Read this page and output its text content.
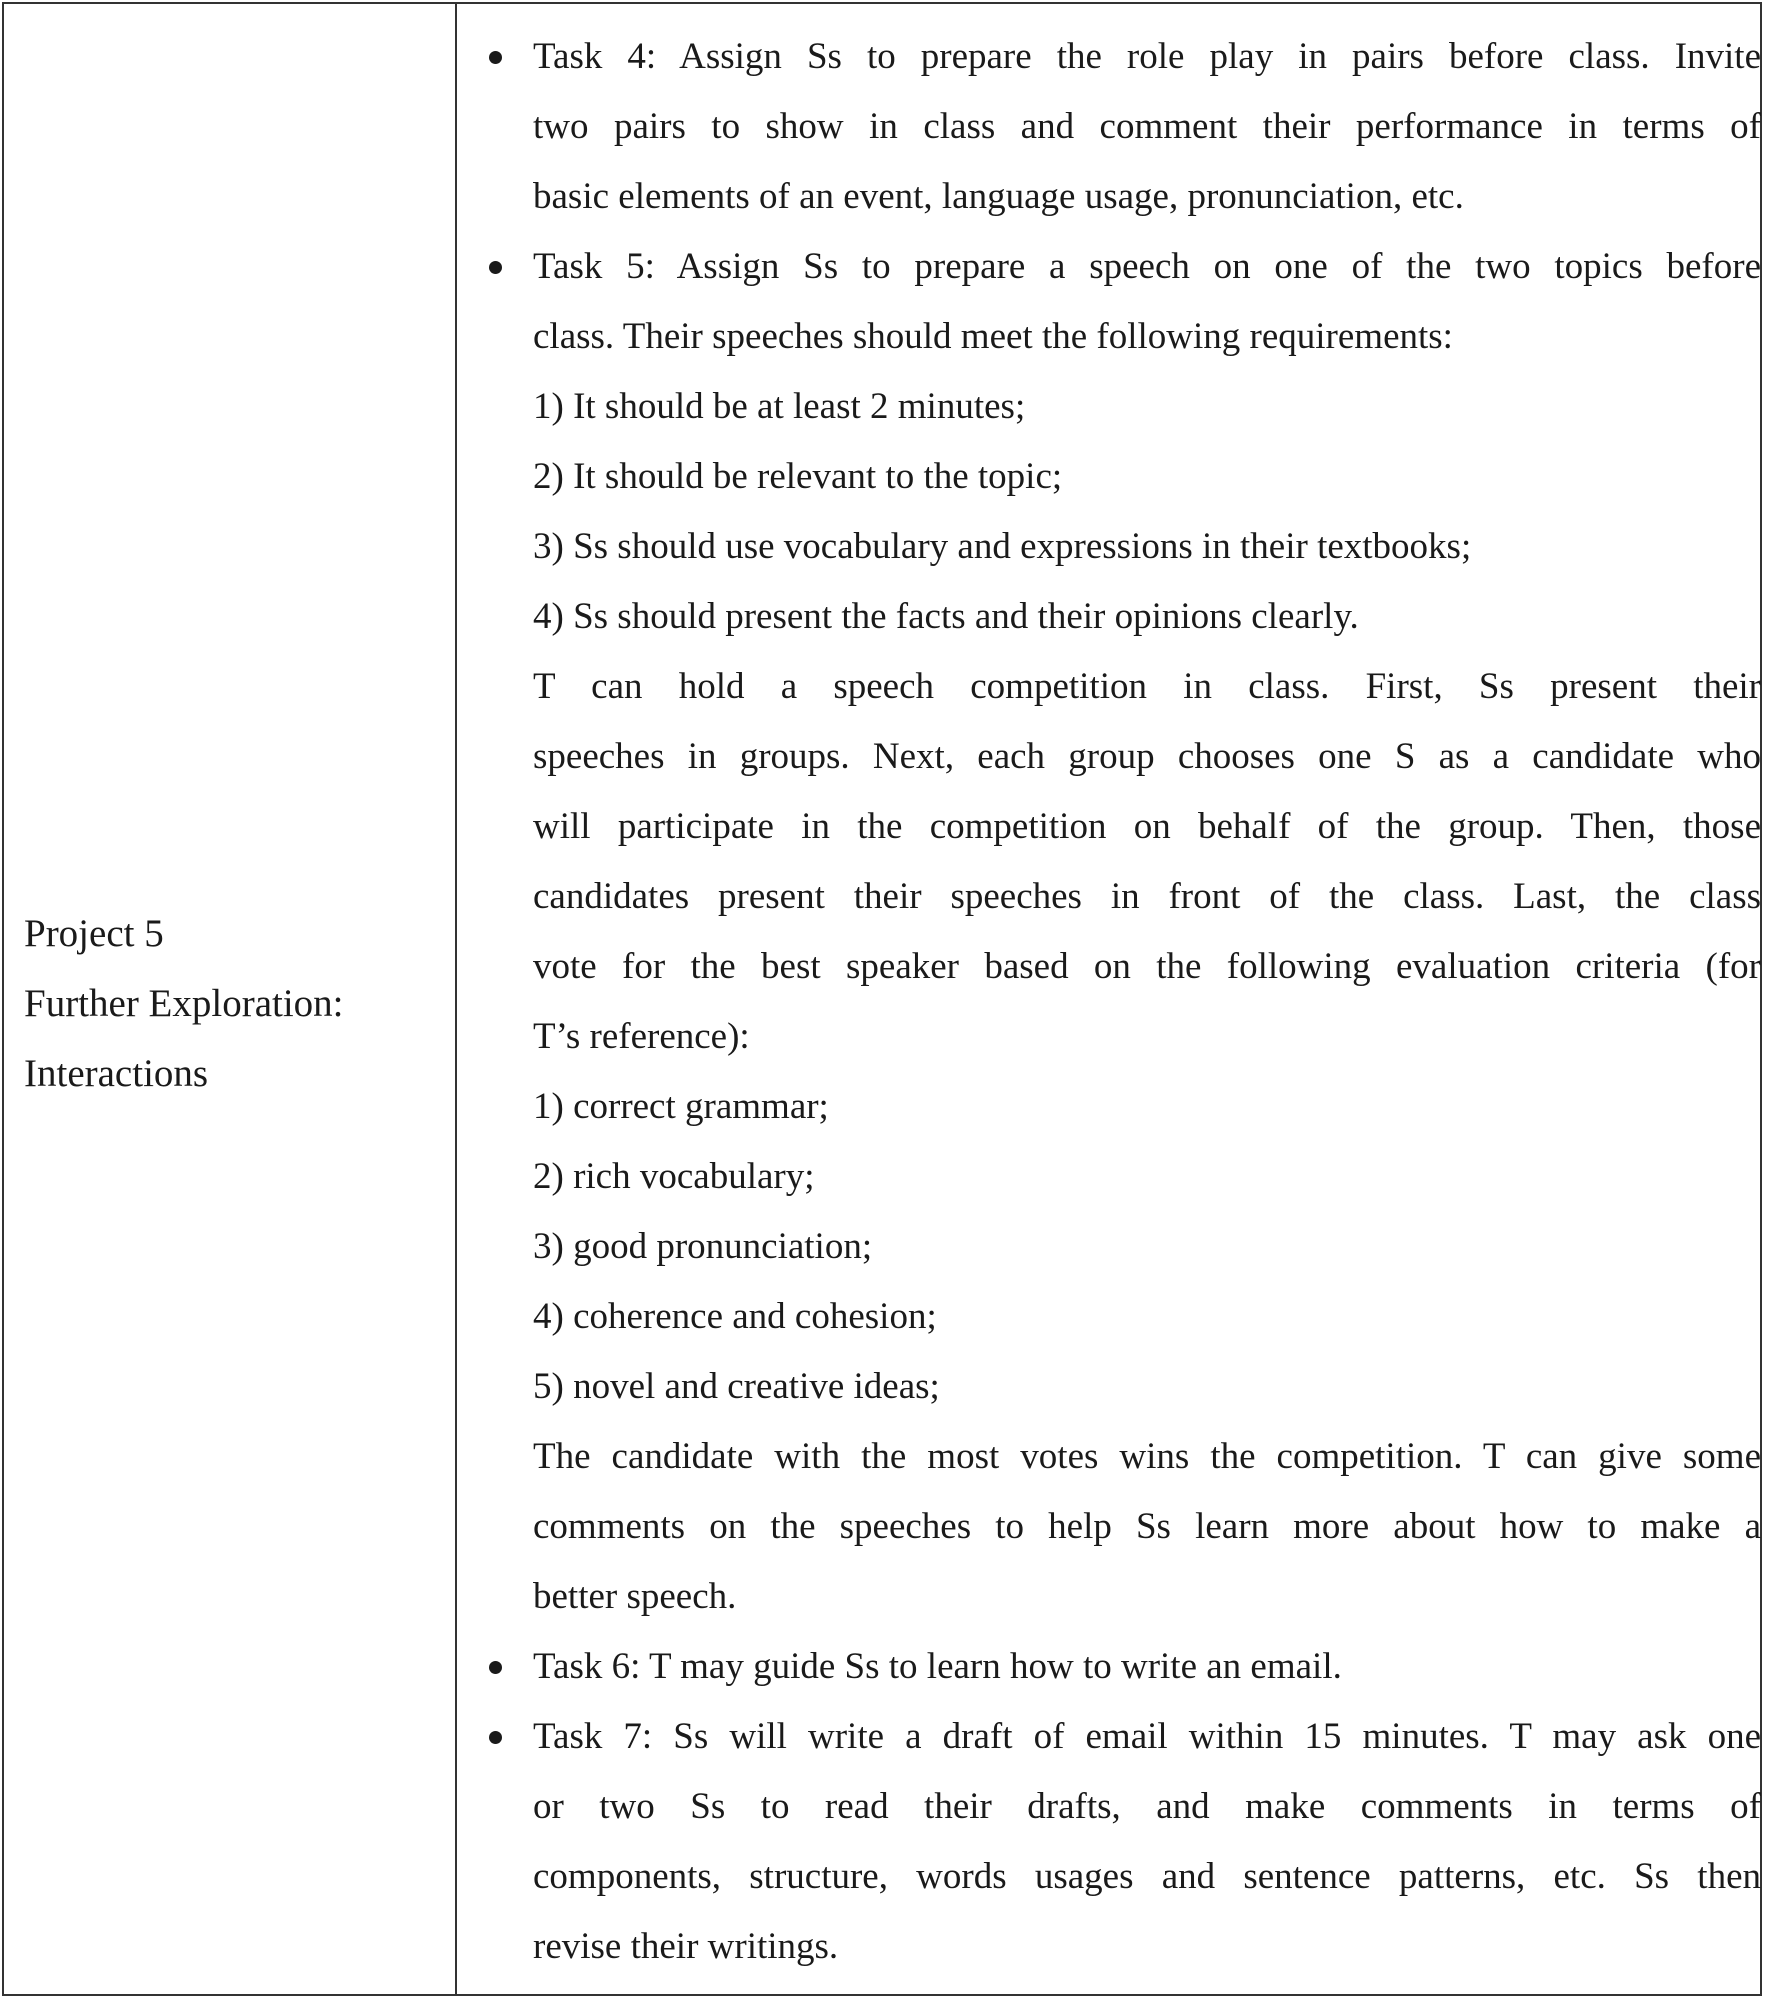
Project 5
Further Exploration:
Interactions
Task 4: Assign Ss to prepare the role play in pairs before class. Invite
two pairs to show in class and comment their performance in terms of
basic elements of an event, language usage, pronunciation, etc.
Task 5: Assign Ss to prepare a speech on one of the two topics before
class. Their speeches should meet the following requirements:
1) It should be at least 2 minutes;
2) It should be relevant to the topic;
3) Ss should use vocabulary and expressions in their textbooks;
4) Ss should present the facts and their opinions clearly.
T can hold a speech competition in class. First, Ss present their
speeches in groups. Next, each group chooses one S as a candidate who
will participate in the competition on behalf of the group. Then, those
candidates present their speeches in front of the class. Last, the class
vote for the best speaker based on the following evaluation criteria (for
T’s reference):
1) correct grammar;
2) rich vocabulary;
3) good pronunciation;
4) coherence and cohesion;
5) novel and creative ideas;
The candidate with the most votes wins the competition. T can give some
comments on the speeches to help Ss learn more about how to make a
better speech.
Task 6: T may guide Ss to learn how to write an email.
Task 7: Ss will write a draft of email within 15 minutes. T may ask one
or two Ss to read their drafts, and make comments in terms of
components, structure, words usages and sentence patterns, etc. Ss then
revise their writings.
